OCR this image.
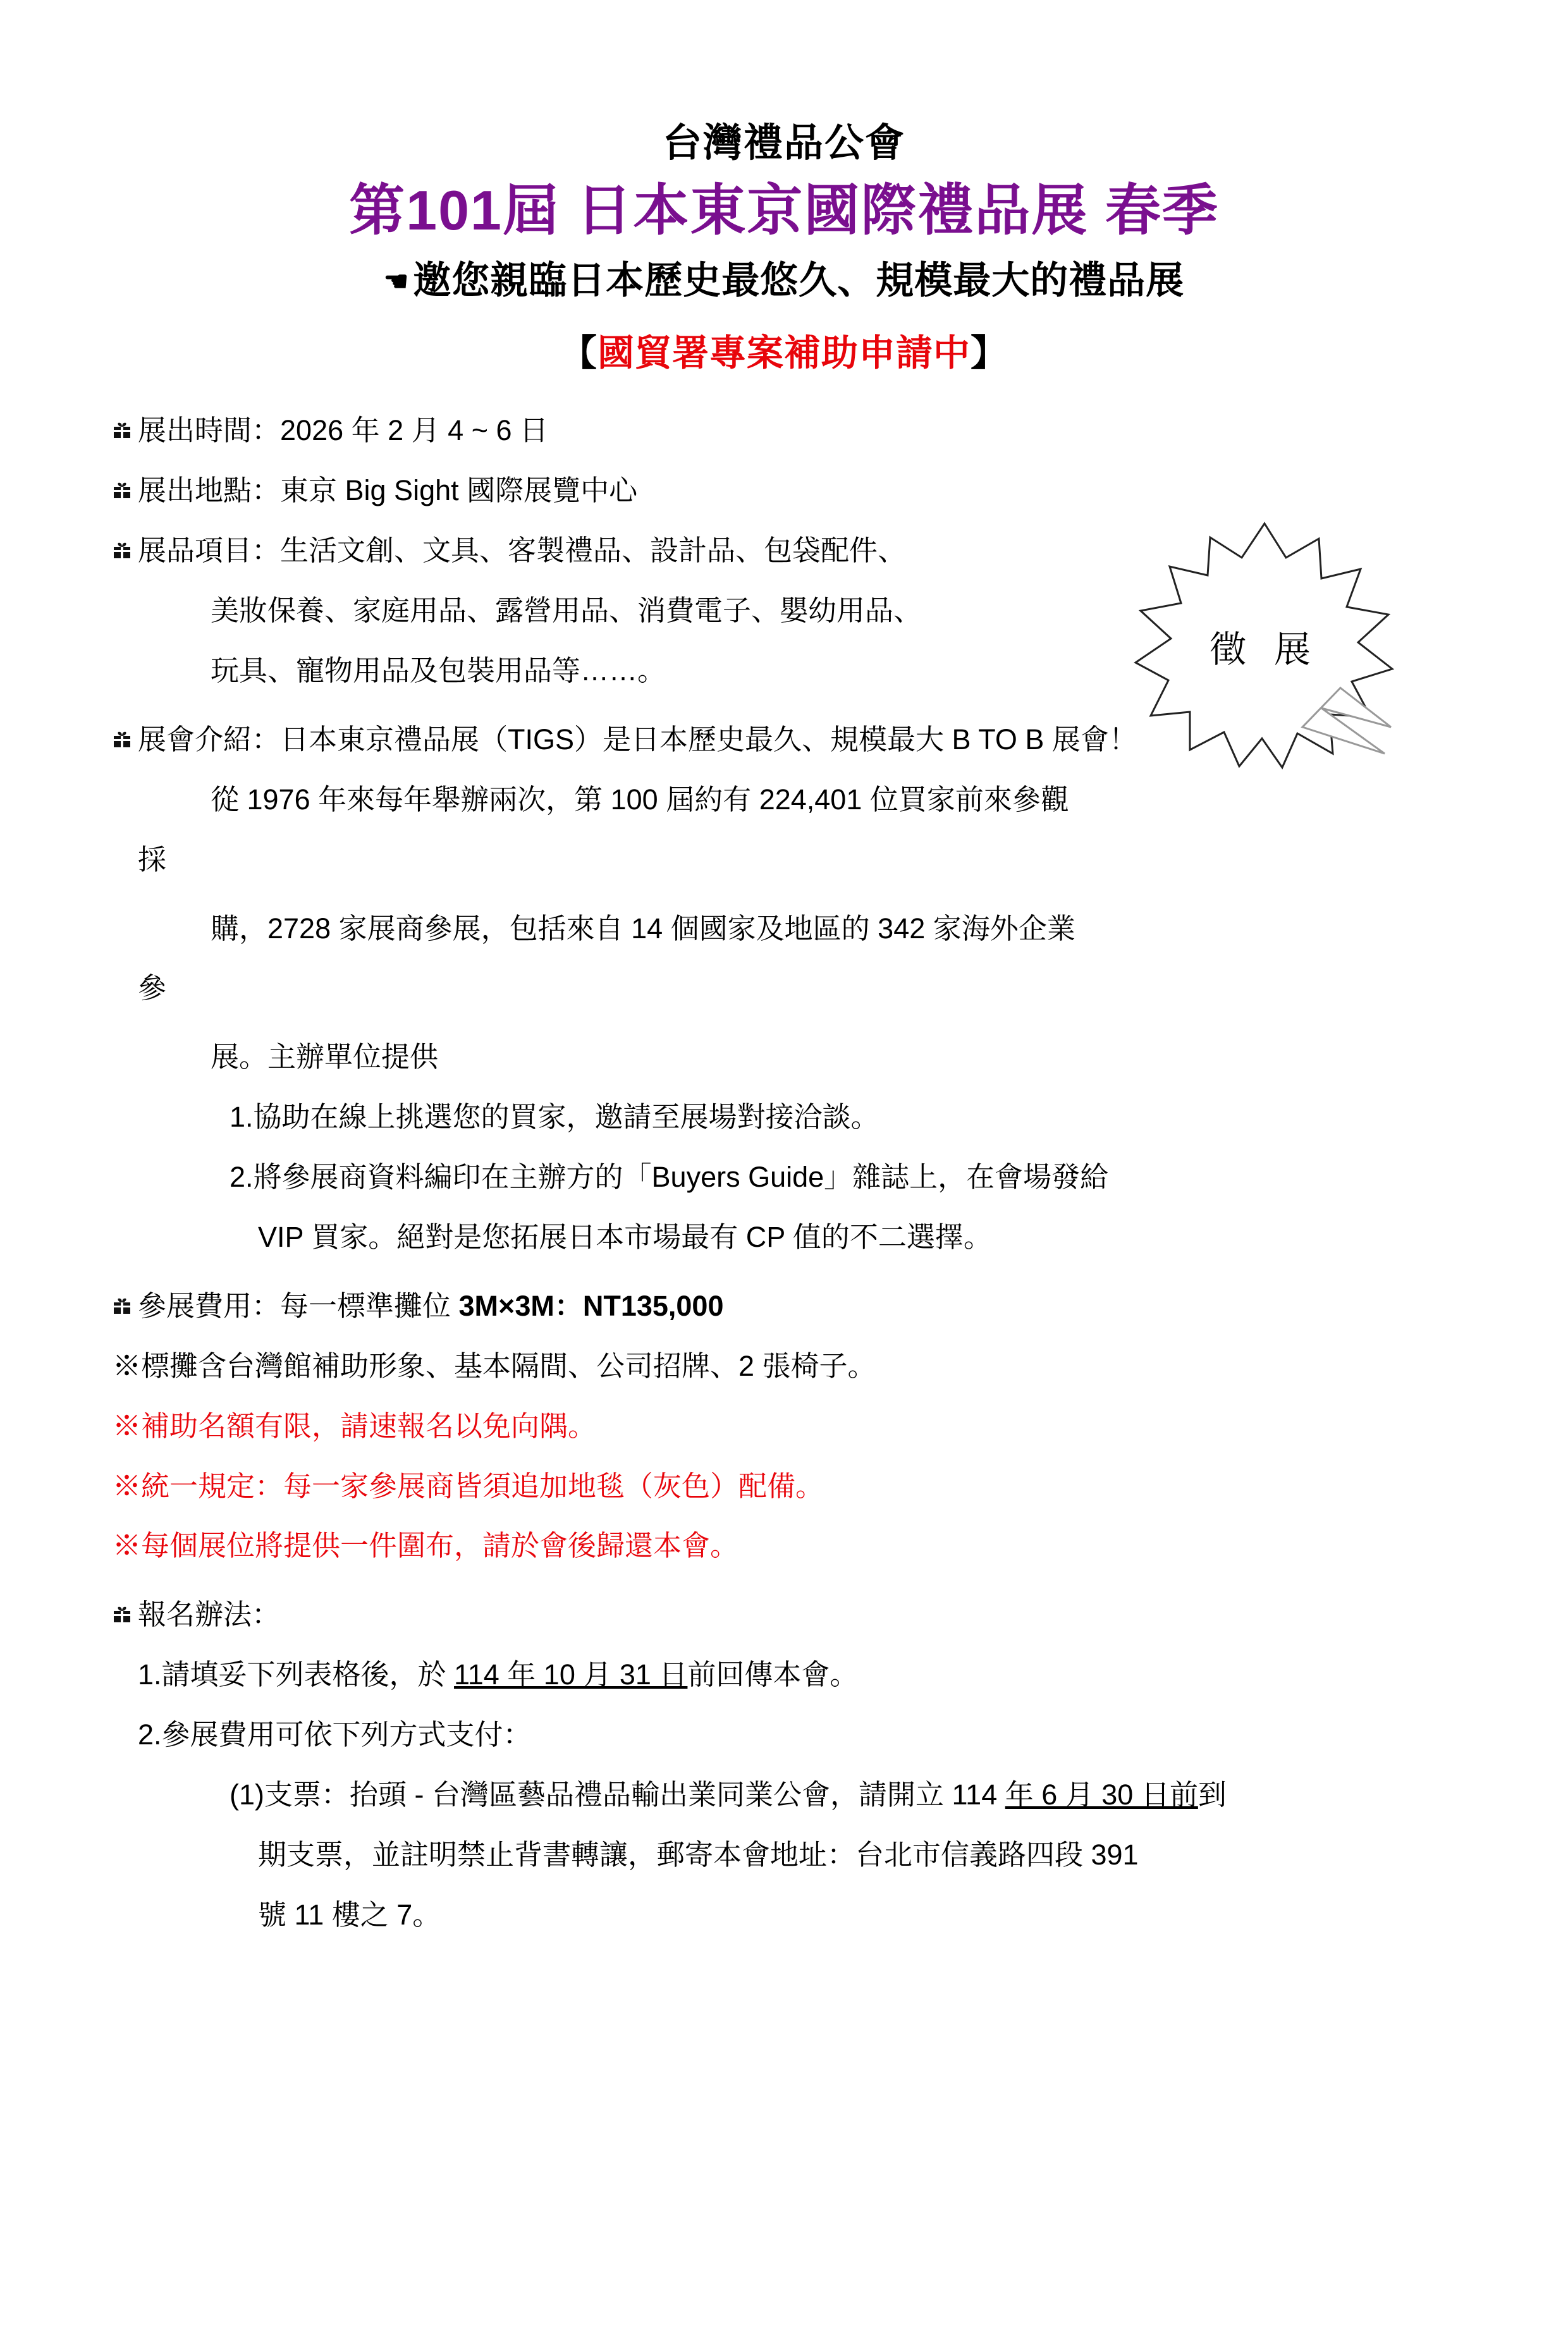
台灣禮品公會
第101屆 日本東京國際禮品展 春季
☚ 邀您親臨日本歷史最悠久、規模最大的禮品展
【國貿署專案補助申請中】
徵 展
展出時間：2026 年 2 月 4 ~ 6 日
展出地點：東京 Big Sight 國際展覽中心
展品項目：生活文創、文具、客製禮品、設計品、包袋配件、
美妝保養、家庭用品、露營用品、消費電子、嬰幼用品、
玩具、寵物用品及包裝用品等……。
展會介紹：日本東京禮品展（TIGS）是日本歷史最久、規模最大 B TO B 展會！
從 1976 年來每年舉辦兩次，第 100 屆約有 224,401 位買家前來參觀
採
購，2728 家展商參展，包括來自 14 個國家及地區的 342 家海外企業
參
展。主辦單位提供
1.協助在線上挑選您的買家，邀請至展場對接洽談。
2.將參展商資料編印在主辦方的「Buyers Guide」雜誌上，在會場發給
VIP 買家。絕對是您拓展日本市場最有 CP 值的不二選擇。
參展費用：每一標準攤位 3M×3M：NT135,000
※標攤含台灣館補助形象、基本隔間、公司招牌、2 張椅子。
※補助名額有限，請速報名以免向隅。
※統一規定：每一家參展商皆須追加地毯（灰色）配備。
※每個展位將提供一件圍布，請於會後歸還本會。
報名辦法：
1.請填妥下列表格後，於 114 年 10 月 31 日前回傳本會。
2.參展費用可依下列方式支付：
(1)支票：抬頭 - 台灣區藝品禮品輸出業同業公會，請開立 114 年 6 月 30 日前到
期支票，並註明禁止背書轉讓，郵寄本會地址：台北市信義路四段 391
號 11 樓之 7。
